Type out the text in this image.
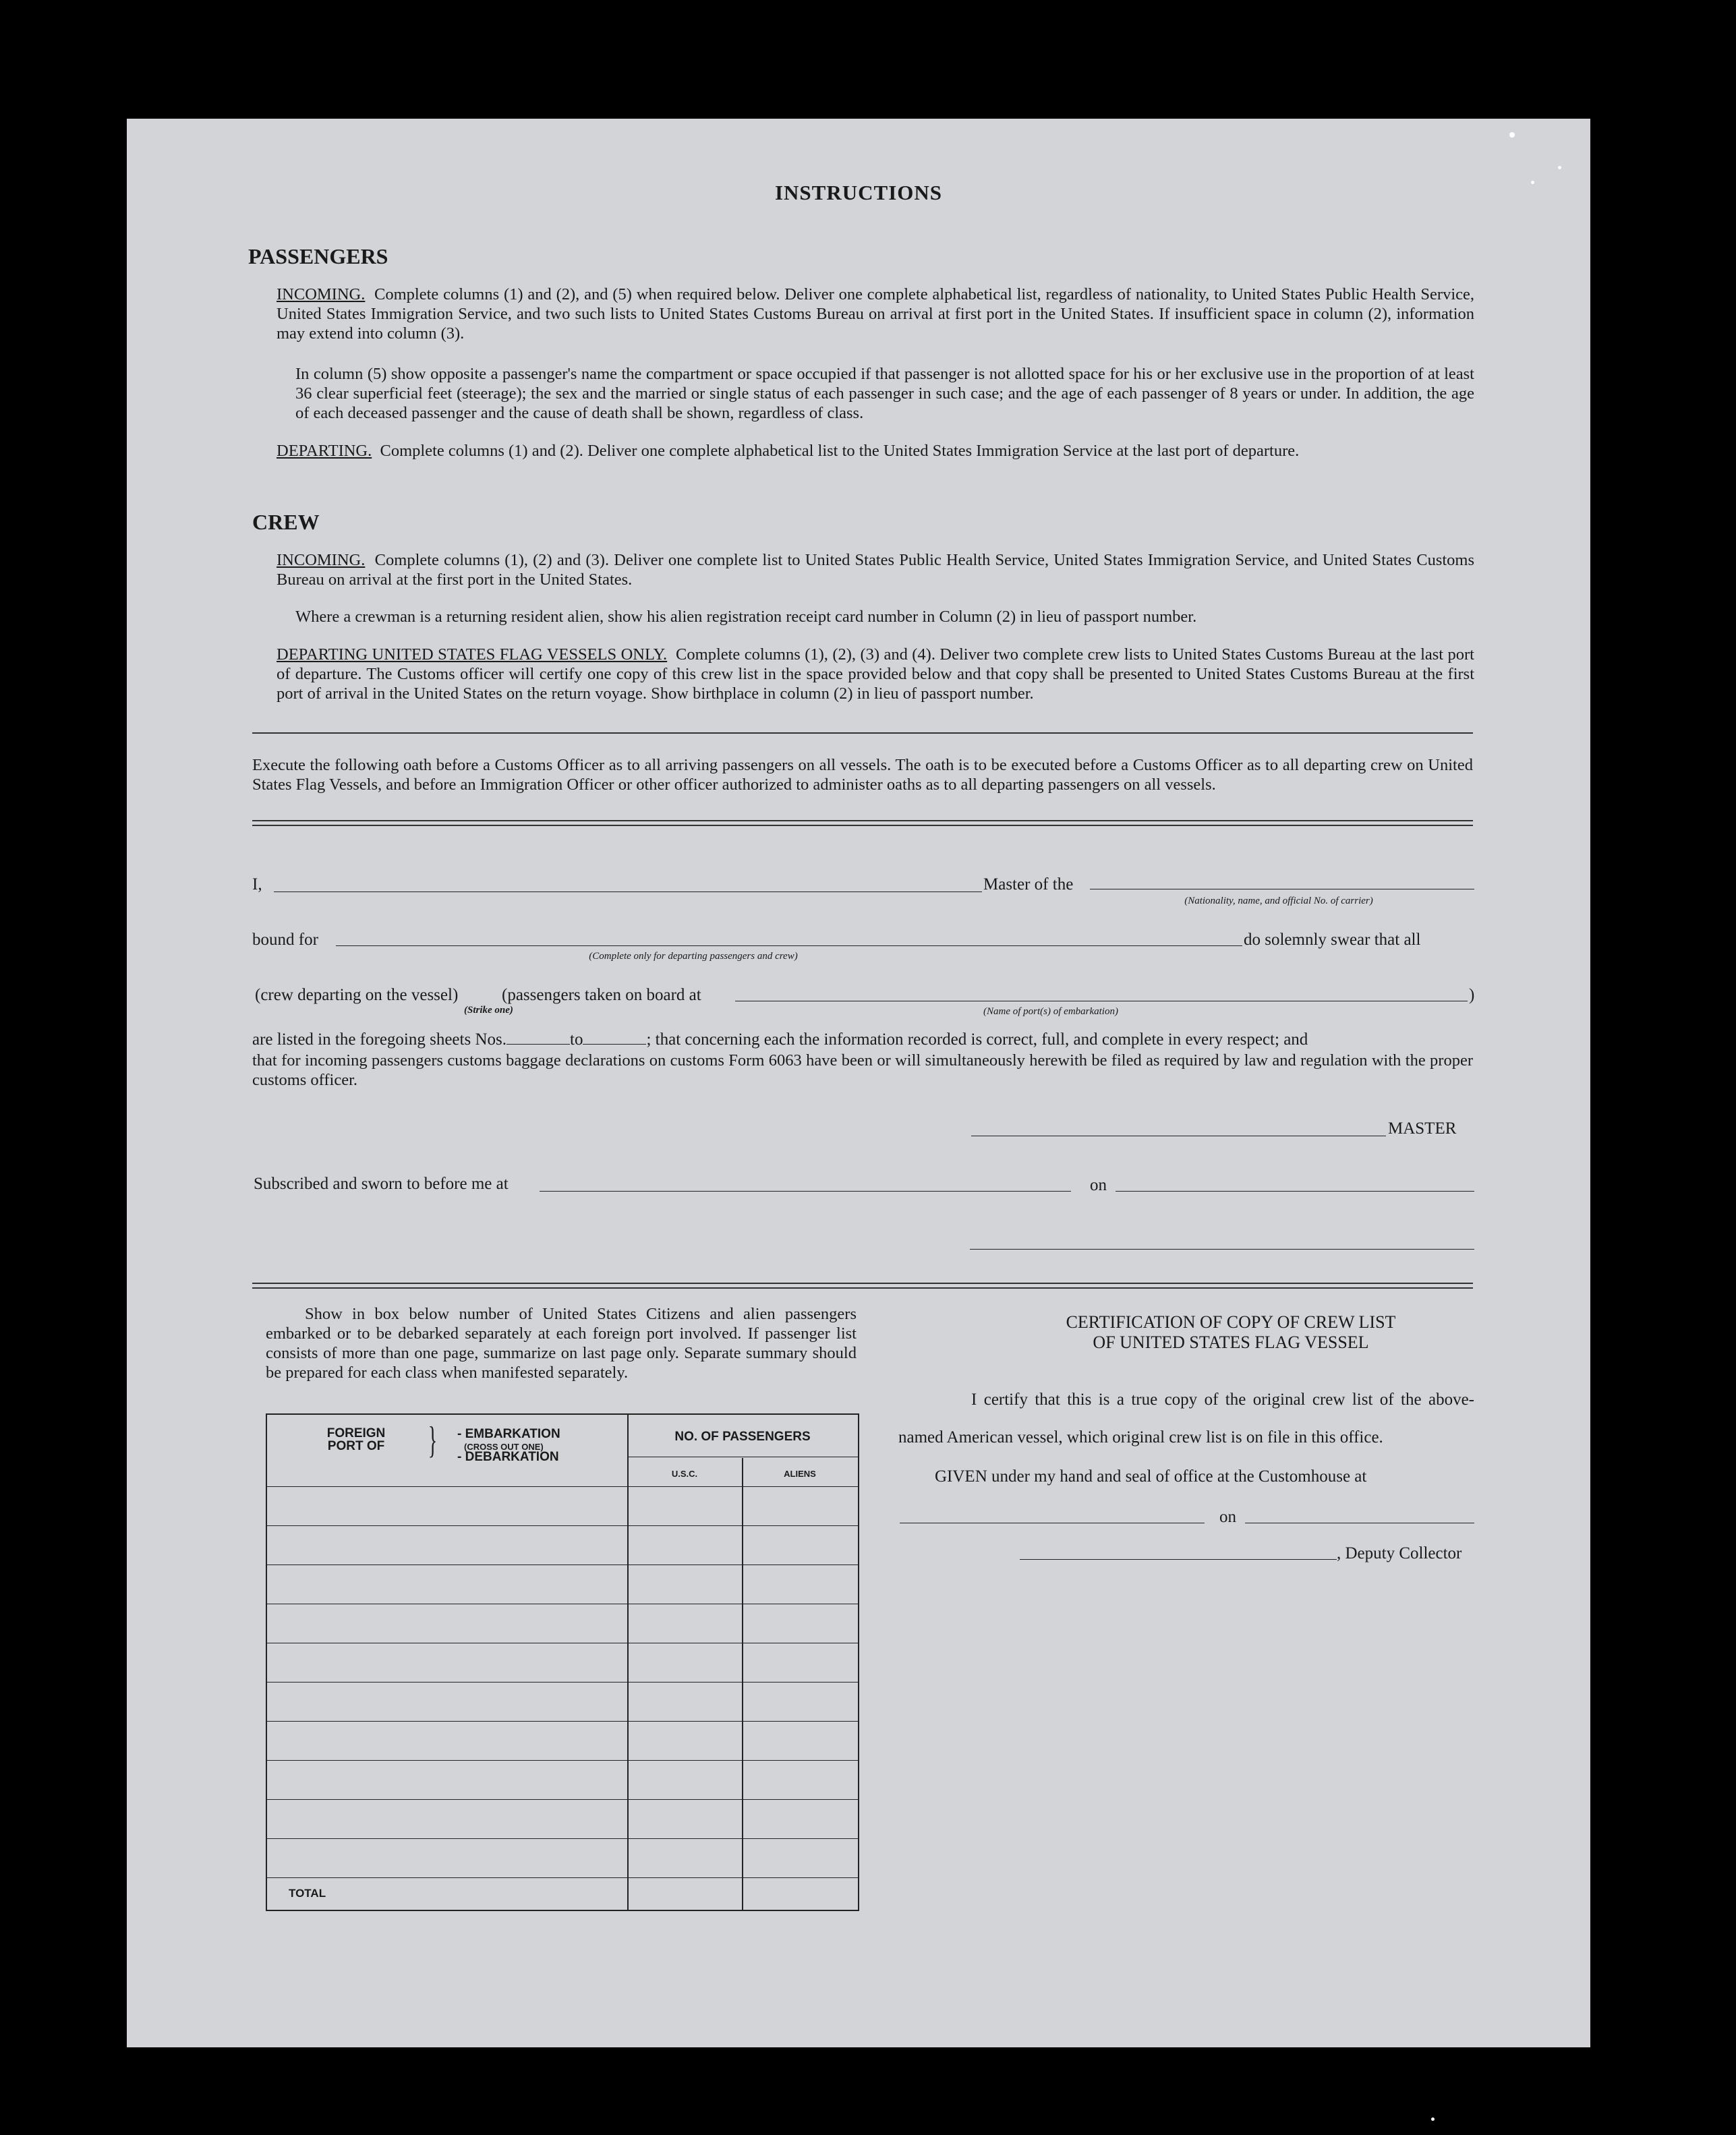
INSTRUCTIONS
PASSENGERS
INCOMING. Complete columns (1) and (2), and (5) when required below. Deliver one complete alphabetical list, regardless of nationality, to United States Public Health Service, United States Immigration Service, and two such lists to United States Customs Bureau on arrival at first port in the United States. If insufficient space in column (2), information may extend into column (3).
In column (5) show opposite a passenger's name the compartment or space occupied if that passenger is not allotted space for his or her exclusive use in the proportion of at least 36 clear superficial feet (steerage); the sex and the married or single status of each passenger in such case; and the age of each passenger of 8 years or under. In addition, the age of each deceased passenger and the cause of death shall be shown, regardless of class.
DEPARTING. Complete columns (1) and (2). Deliver one complete alphabetical list to the United States Immigration Service at the last port of departure.
CREW
INCOMING. Complete columns (1), (2) and (3). Deliver one complete list to United States Public Health Service, United States Immigration Service, and United States Customs Bureau on arrival at the first port in the United States.
Where a crewman is a returning resident alien, show his alien registration receipt card number in Column (2) in lieu of passport number.
DEPARTING UNITED STATES FLAG VESSELS ONLY. Complete columns (1), (2), (3) and (4). Deliver two complete crew lists to United States Customs Bureau at the last port of departure. The Customs officer will certify one copy of this crew list in the space provided below and that copy shall be presented to United States Customs Bureau at the first port of arrival in the United States on the return voyage. Show birthplace in column (2) in lieu of passport number.
Execute the following oath before a Customs Officer as to all arriving passengers on all vessels. The oath is to be executed before a Customs Officer as to all departing crew on United States Flag Vessels, and before an Immigration Officer or other officer authorized to administer oaths as to all departing passengers on all vessels.
I,	Master of the
(Nationality, name, and official No. of carrier)
bound for
(Complete only for departing passengers and crew)
do solemnly swear that all
(crew departing on the vessel)
(Strike one)
(passengers taken on board at
(Name of port(s) of embarkation)
)
are listed in the foregoing sheets Nos.	to	; that concerning each the information recorded is correct, full, and complete in every respect; and
that for incoming passengers customs baggage declarations on customs Form 6063 have been or will simultaneously herewith be filed as required by law and regulation with the proper customs officer.
MASTER
Subscribed and sworn to before me at	on
Show in box below number of United States Citizens and alien passengers embarked or to be debarked separately at each foreign port involved. If passenger list consists of more than one page, summarize on last page only. Separate summary should be prepared for each class when manifested separately.
FOREIGN PORT OF	} - EMBARKATION
(CROSS OUT ONE)
- DEBARKATION
NO. OF PASSENGERS
U.S.C.	ALIENS
TOTAL
CERTIFICATION OF COPY OF CREW LIST
OF UNITED STATES FLAG VESSEL
I certify that this is a true copy of the original crew list of the above-
named American vessel, which original crew list is on file in this office.
GIVEN under my hand and seal of office at the Customhouse at
on
, Deputy Collector
